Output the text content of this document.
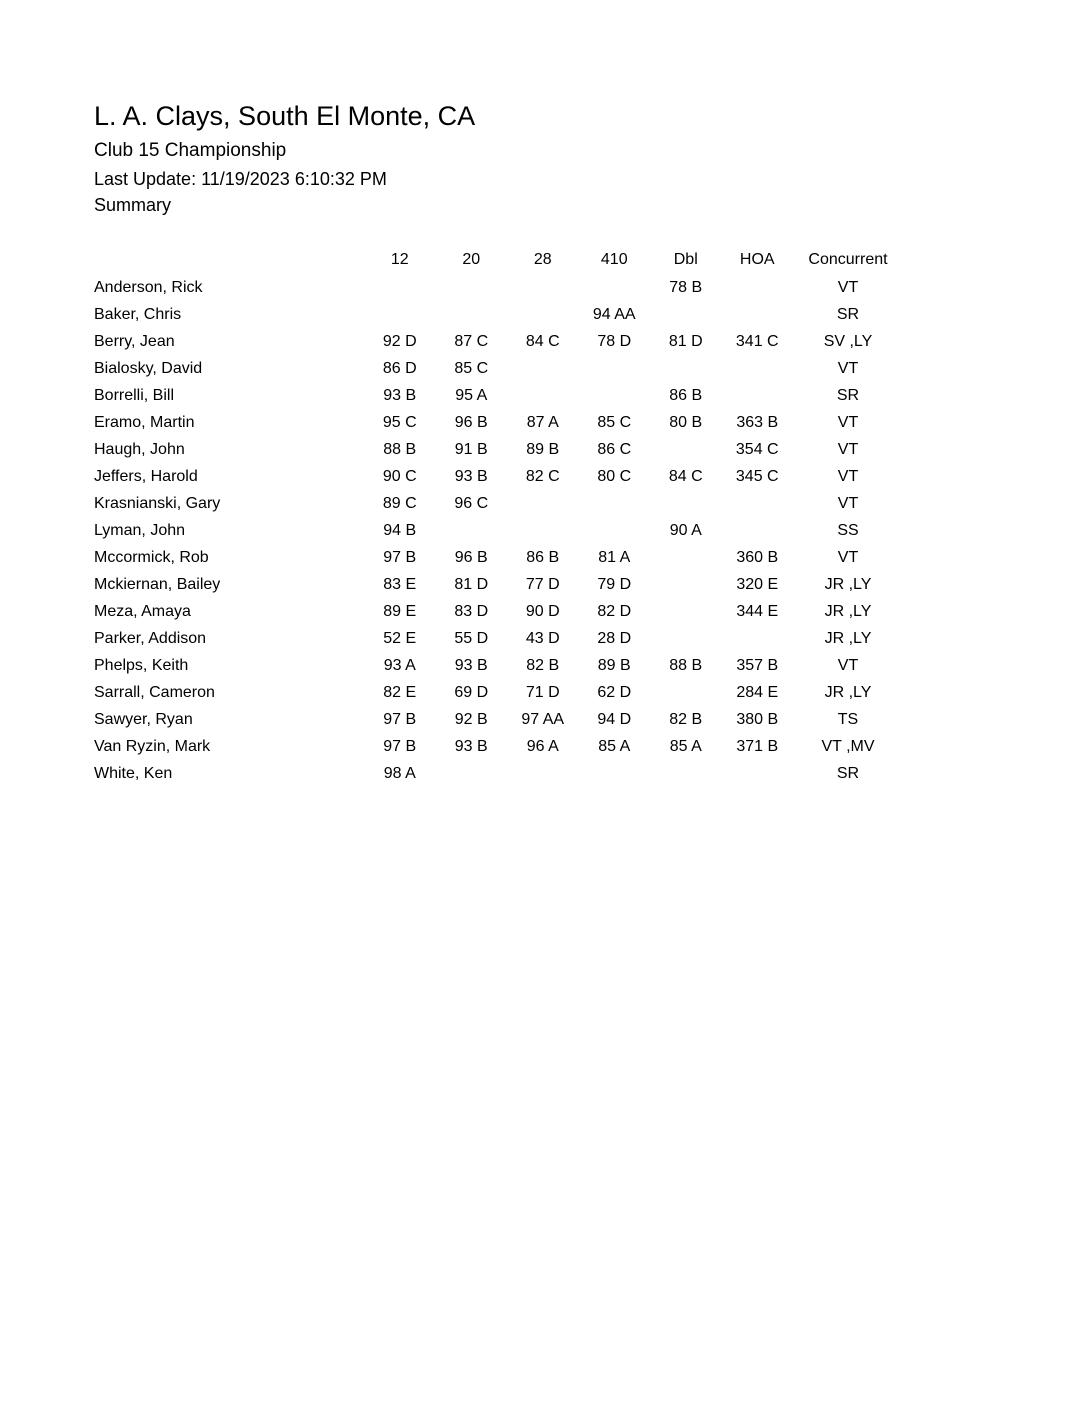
L. A. Clays, South El Monte, CA
Club 15 Championship
Last Update: 11/19/2023 6:10:32 PM
Summary
	12	20	28	410	Dbl	HOA	Concurrent
Anderson, Rick					78 B		VT
Baker, Chris				94 AA			SR
Berry, Jean	92 D	87 C	84 C	78 D	81 D	341 C	SV ,LY
Bialosky, David	86 D	85 C					VT
Borrelli, Bill	93 B	95 A			86 B		SR
Eramo, Martin	95 C	96 B	87 A	85 C	80 B	363 B	VT
Haugh, John	88 B	91 B	89 B	86 C		354 C	VT
Jeffers, Harold	90 C	93 B	82 C	80 C	84 C	345 C	VT
Krasnianski, Gary	89 C	96 C					VT
Lyman, John	94 B				90 A		SS
Mccormick, Rob	97 B	96 B	86 B	81 A		360 B	VT
Mckiernan, Bailey	83 E	81 D	77 D	79 D		320 E	JR ,LY
Meza, Amaya	89 E	83 D	90 D	82 D		344 E	JR ,LY
Parker, Addison	52 E	55 D	43 D	28 D			JR ,LY
Phelps, Keith	93 A	93 B	82 B	89 B	88 B	357 B	VT
Sarrall, Cameron	82 E	69 D	71 D	62 D		284 E	JR ,LY
Sawyer, Ryan	97 B	92 B	97 AA	94 D	82 B	380 B	TS
Van Ryzin, Mark	97 B	93 B	96 A	85 A	85 A	371 B	VT ,MV
White, Ken	98 A						SR
